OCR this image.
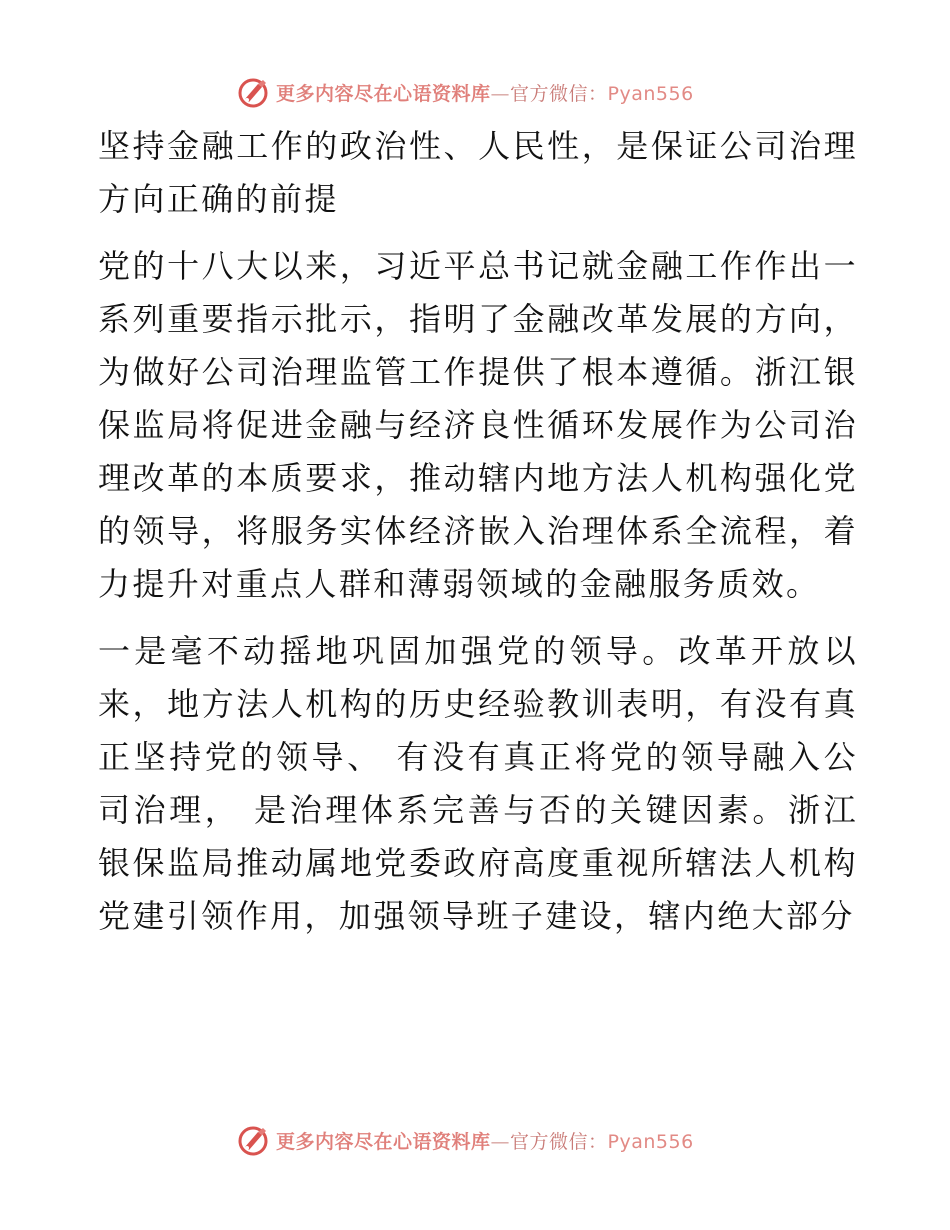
更多内容尽在心语资料库—官方微信：Pyan556

坚持金融工作的政治性、人民性，是保证公司治理方向正确的前提

党的十八大以来，习近平总书记就金融工作作出一系列重要指示批示，指明了金融改革发展的方向，为做好公司治理监管工作提供了根本遵循。浙江银保监局将促进金融与经济良性循环发展作为公司治理改革的本质要求，推动辖内地方法人机构强化党的领导，将服务实体经济嵌入治理体系全流程，着力提升对重点人群和薄弱领域的金融服务质效。

一是毫不动摇地巩固加强党的领导。改革开放以来，地方法人机构的历史经验教训表明，有没有真正坚持党的领导、 有没有真正将党的领导融入公司治理， 是治理体系完善与否的关键因素。浙江银保监局推动属地党委政府高度重视所辖法人机构党建引领作用，加强领导班子建设，辖内绝大部分

更多内容尽在心语资料库—官方微信：Pyan556
